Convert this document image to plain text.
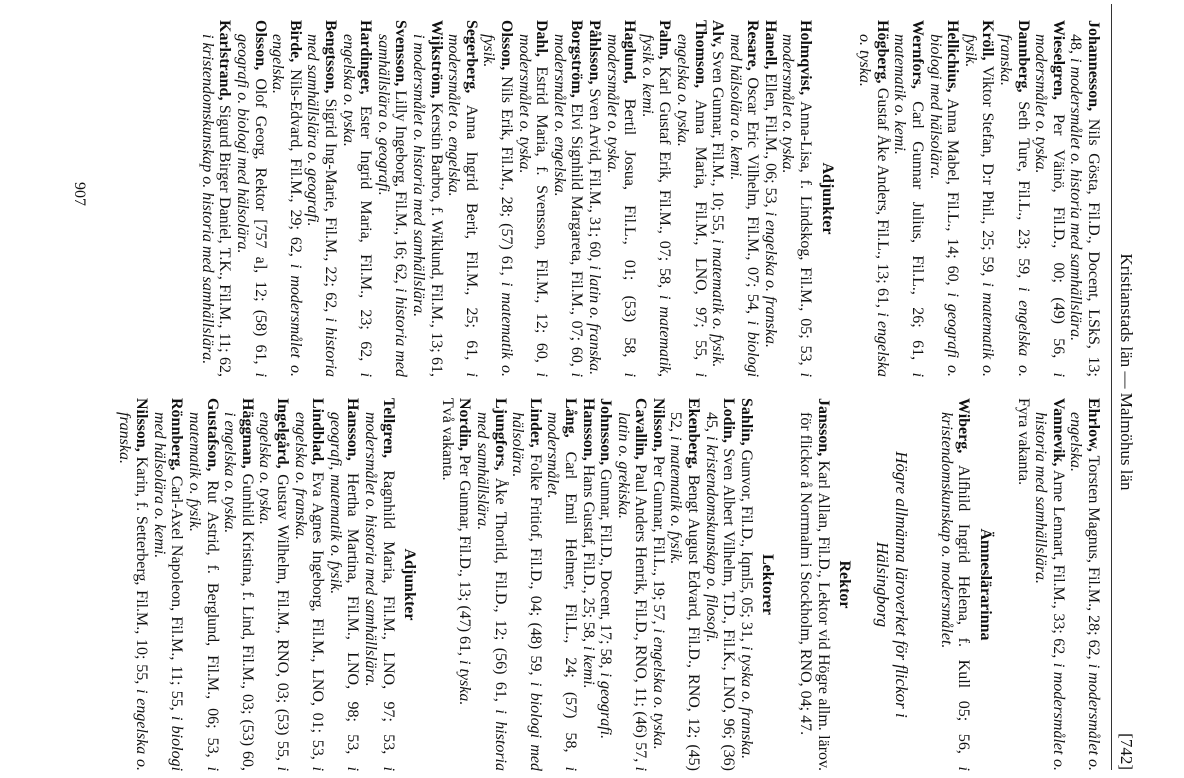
Kristianstads län — Malmöhus län
[742]
Johannesson, Nils Gösta, Fil.D., Docent, LSkS, 13; 48, i modersmålet o. historia med samhällslära.
Wieselgren, Per Väinö, Fil.D., 00; (49) 56, i modersmålet o. tyska.
Dannberg, Seth Ture, Fil.L., 23; 59, i engelska o. franska.
Kröll, Viktor Stefan, D:r Phil., 25; 59, i matematik o. fysik.
Hellichius, Anna Mabel, Fil.L., 14; 60, i geografi o. biologi med hälsolära.
Wernfors, Carl Gunnar Julius, Fil.L., 26; 61, i matematik o. kemi.
Högberg, Gustaf Åke Anders, Fil.L., 13; 61, i engelska o. tyska.
Adjunkter
Holmqvist, Anna-Lisa, f. Lindskog, Fil.M., 05; 53, i modersmålet o. tyska.
Hanell, Ellen, Fil.M., 06; 53, i engelska o. franska.
Resare, Oscar Eric Vilhelm, Fil.M., 07; 54, i biologi med hälsolära o. kemi.
Alv, Sven Gunnar, Fil.M., 10; 55, i matematik o. fysik.
Thomson, Anna Maria, Fil.M., LNO, 97; 55, i engelska o. tyska.
Palm, Karl Gustaf Erik, Fil.M., 07; 58, i matematik, fysik o. kemi.
Haglund, Bertil Josua, Fil.L., 01; (53) 58, i modersmålet o. tyska.
Påhlsson, Sven Arvid, Fil.M., 31; 60, i latin o. franska.
Borgström, Elvi Signhild Margareta, Fil.M., 07; 60, i modersmålet o. engelska.
Dahl, Estrid Maria, f. Svensson, Fil.M., 12; 60, i modersmålet o. tyska.
Olsson, Nils Erik, Fil.M., 28; (57) 61, i matematik o. fysik.
Segerberg, Anna Ingrid Berit, Fil.M., 25; 61, i modersmålet o. engelska.
Wijkström, Kerstin Barbro, f. Wiklund, Fil.M., 13; 61, i modersmålet o. historia med samhällslära.
Svensson, Lilly Ingeborg, Fil.M., 16; 62, i historia med samhällslära o. geografi.
Hardinger, Ester Ingrid Maria, Fil.M., 23; 62, i engelska o. tyska.
Bengtsson, Sigrid Ing-Marie, Fil.M., 22; 62, i historia med samhällslära o. geografi.
Birde, Nils-Edvard, Fil.M., 29; 62, i modersmålet o. engelska.
Olsson, Olof Georg, Rektor [757 a], 12; (58) 61, i geografi o. biologi med hälsolära.
Karlstrand, Sigurd Birger Daniel, T.K., Fil.M., 11; 62, i kristendomskunskap o. historia med samhällslära.
Ehrlow, Torsten Magnus, Fil.M., 28; 62, i modersmålet o. engelska.
Vannevik, Arne Lennart, Fil.M., 33; 62, i modersmålet o. historia med samhällslära.
Fyra vakanta.
Ämneslärarinna
Wiberg, Alfhild Ingrid Helena, f. Kull 05; 56, i kristendomskunskap o. modersmålet.
Högre allmänna läroverket för flickor i Hälsingborg
Rektor
Jansson, Karl Allan, Fil.D., Lektor vid Högre allm. lärov. för flickor å Norrmalm i Stockholm, RNO, 04; 47.
Lektorer
Sahlin, Gunvor, Fil.D., Iqml5, 05; 31, i tyska o. franska.
Lodin, Sven Albert Vilhelm, T.D., Fil.K., LNO, 96; (36) 45, i kristendomskunskap o. filosofi.
Ekenberg, Bengt August Edvard, Fil.D., RNO, 12; (45) 52, i matematik o. fysik.
Nilsson, Per Gunnar, Fil.L., 19; 57, i engelska o. tyska.
Cavallin, Paul Anders Henrik, Fil.D., RNO, 11; (46) 57, i latin o. grekiska.
Johnsson, Gunnar, Fil.D., Docent, 17; 58, i geografi.
Hansson, Hans Gustaf, Fil.D., 25; 58, i kemi.
Lång, Carl Emil Helmer, Fil.L., 24; (57) 58, i modersmålet.
Linder, Folke Fritiof, Fil.D., 04; (48) 59, i biologi med hälsolära.
Ljungfors, Åke Thorild, Fil.D., 12; (56) 61, i historia med samhällslära.
Nordin, Per Gunnar, Fil.D., 13; (47) 61, i tyska.
Två vakanta.
Adjunkter
Tellgren, Ragnhild Maria, Fil.M., LNO, 97; 53, i modersmålet o. historia med samhällslära.
Hansson, Hertha Martina, Fil.M., LNO, 98; 53, i geografi, matematik o. fysik.
Lindblad, Eva Agnes Ingeborg, Fil.M., LNO, 01; 53, i engelska o. franska.
Ingelgård, Gustav Wilhelm, Fil.M., RNO, 03; (53) 55, i engelska o. tyska.
Häggman, Gunhild Kristina, f. Lind, Fil.M., 03; (53) 60, i engelska o. tyska.
Gustafson, Rut Astrid, f. Berglund, Fil.M., 06; 53, i matematik o. fysik.
Rönnberg, Carl-Axel Napoleon, Fil.M., 11; 55, i biologi med hälsolära o. kemi.
Nilsson, Karin, f. Setterberg, Fil.M., 10; 55, i engelska o. franska.
907
